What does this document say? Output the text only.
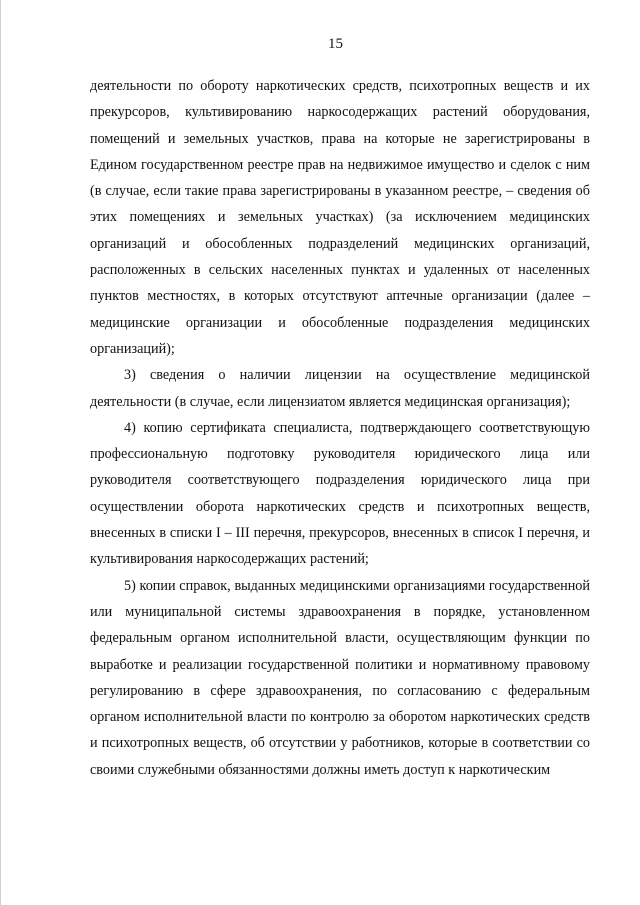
15

деятельности по обороту наркотических средств, психотропных веществ и их прекурсоров, культивированию наркосодержащих растений оборудования, помещений и земельных участков, права на которые не зарегистрированы в Едином государственном реестре прав на недвижимое имущество и сделок с ним (в случае, если такие права зарегистрированы в указанном реестре, – сведения об этих помещениях и земельных участках) (за исключением медицинских организаций и обособленных подразделений медицинских организаций, расположенных в сельских населенных пунктах и удаленных от населенных пунктов местностях, в которых отсутствуют аптечные организации (далее – медицинские организации и обособленные подразделения медицинских организаций);

3) сведения о наличии лицензии на осуществление медицинской деятельности (в случае, если лицензиатом является медицинская организация);

4) копию сертификата специалиста, подтверждающего соответствующую профессиональную подготовку руководителя юридического лица или руководителя соответствующего подразделения юридического лица при осуществлении оборота наркотических средств и психотропных веществ, внесенных в списки I – III перечня, прекурсоров, внесенных в список I перечня, и культивирования наркосодержащих растений;

5) копии справок, выданных медицинскими организациями государственной или муниципальной системы здравоохранения в порядке, установленном федеральным органом исполнительной власти, осуществляющим функции по выработке и реализации государственной политики и нормативному правовому регулированию в сфере здравоохранения, по согласованию с федеральным органом исполнительной власти по контролю за оборотом наркотических средств и психотропных веществ, об отсутствии у работников, которые в соответствии со своими служебными обязанностями должны иметь доступ к наркотическим
